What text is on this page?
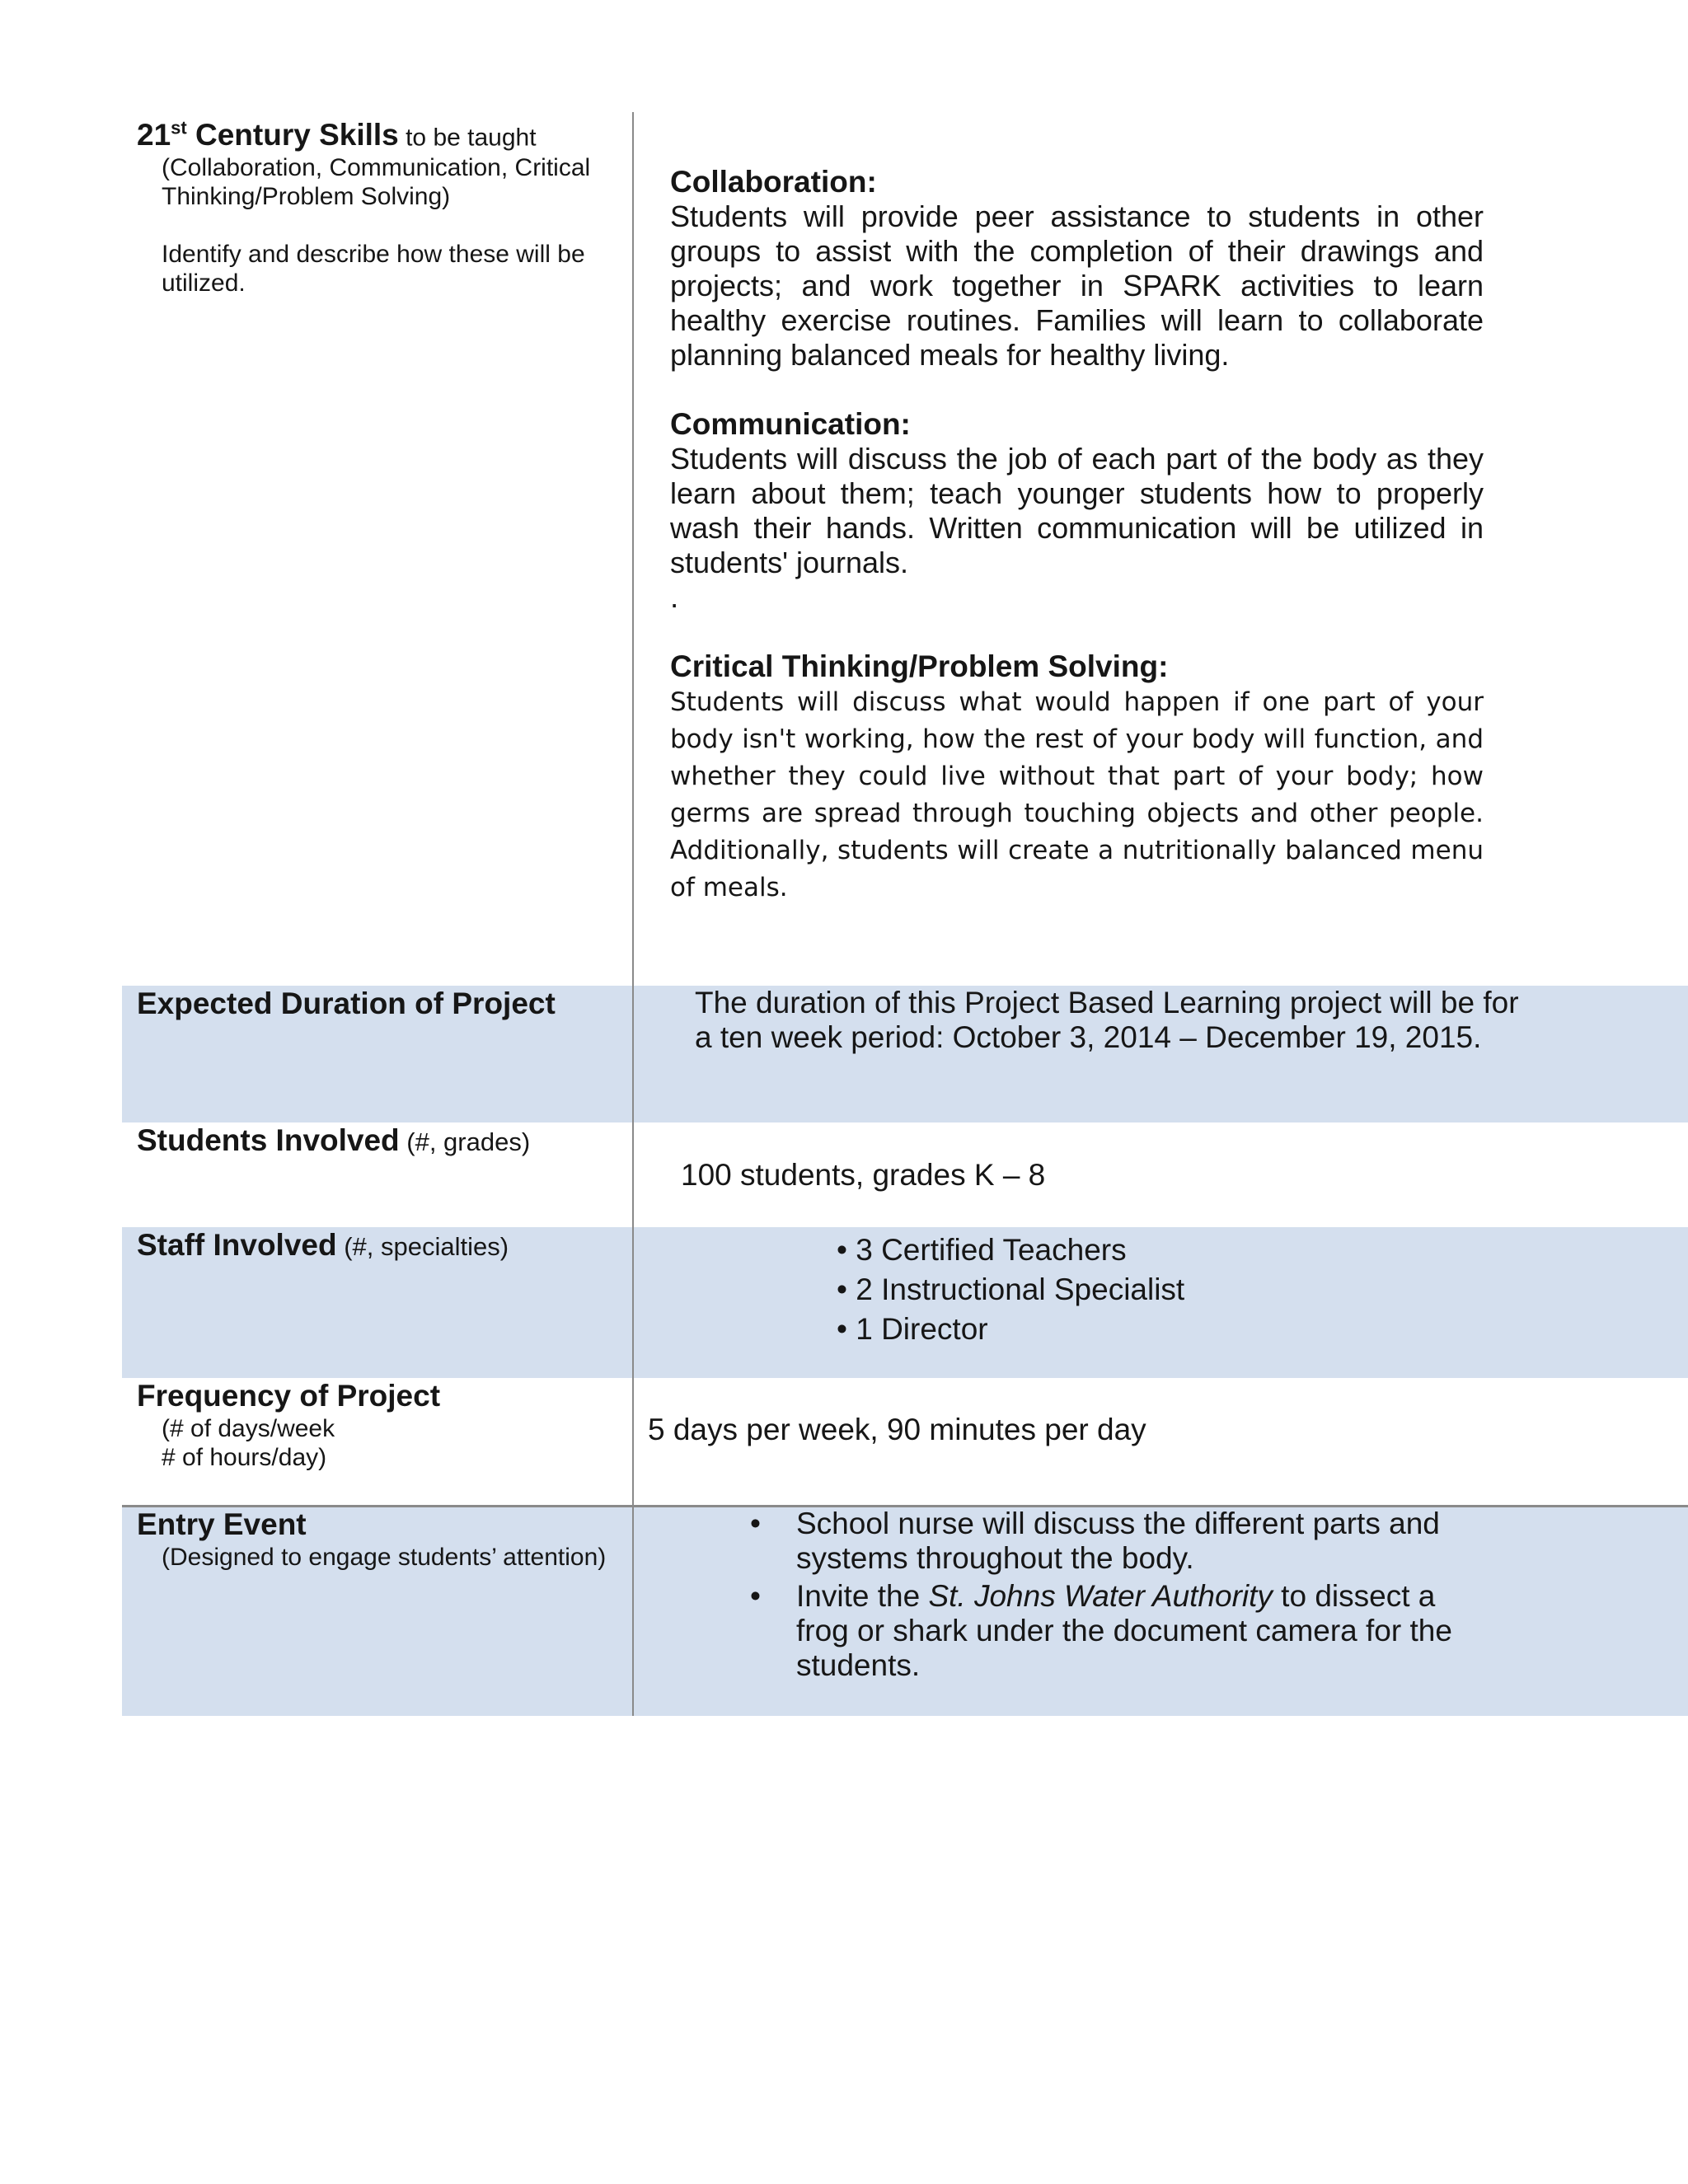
21st Century Skills to be taught
(Collaboration, Communication, Critical Thinking/Problem Solving)
Identify and describe how these will be utilized.
Collaboration:
Students will provide peer assistance to students in other groups to assist with the completion of their drawings and projects; and work together in SPARK activities to learn healthy exercise routines. Families will learn to collaborate planning balanced meals for healthy living.
Communication:
Students will discuss the job of each part of the body as they learn about them; teach younger students how to properly wash their hands. Written communication will be utilized in students' journals.
.
Critical Thinking/Problem Solving:
Students will discuss what would happen if one part of your body isn't working, how the rest of your body will function, and whether they could live without that part of your body; how germs are spread through touching objects and other people. Additionally, students will create a nutritionally balanced menu of meals.
Expected Duration of Project	The duration of this Project Based Learning project will be for a ten week period: October 3, 2014 – December 19, 2015.
Students Involved (#, grades)
100 students, grades K – 8
Staff Involved (#, specialties)	• 3 Certified Teachers
• 2 Instructional Specialist
• 1 Director
Frequency of Project
(# of days/week
# of hours/day)
5 days per week, 90 minutes per day
Entry Event
(Designed to engage students’ attention)
• School nurse will discuss the different parts and systems throughout the body.
• Invite the St. Johns Water Authority to dissect a frog or shark under the document camera for the students.
